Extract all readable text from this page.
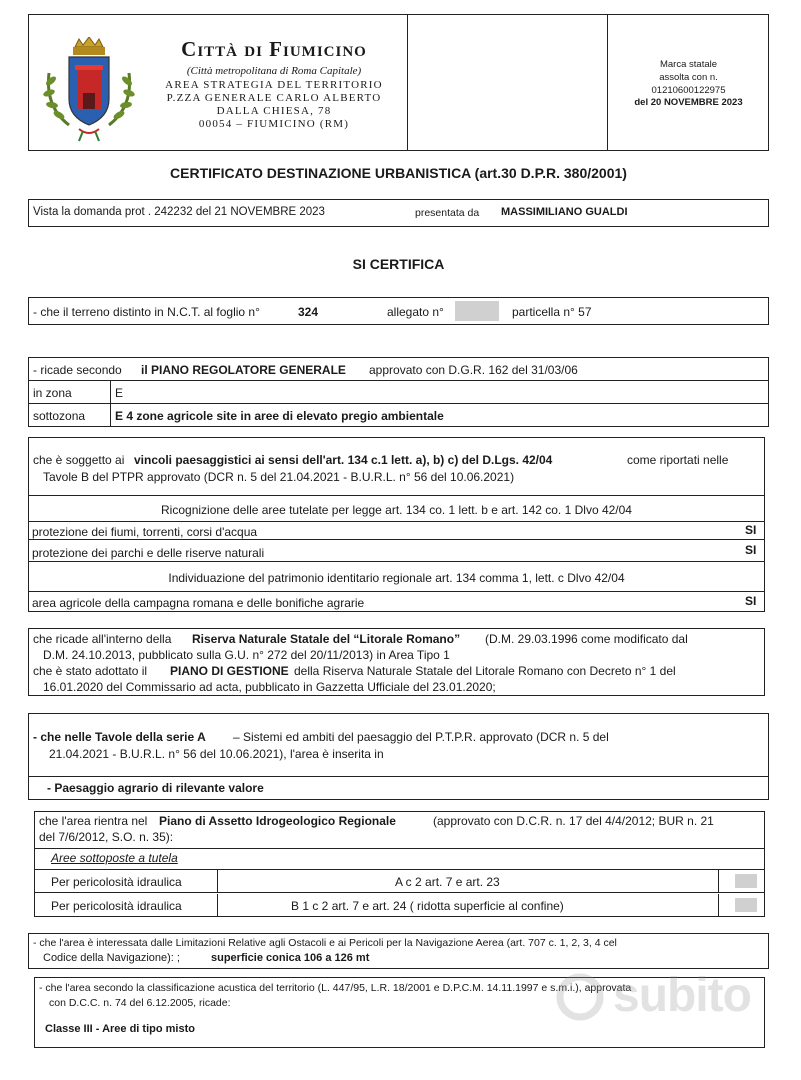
Città di Fiumicino
(Città metropolitana di Roma Capitale)
AREA STRATEGIA DEL TERRITORIO
P.ZZA GENERALE CARLO ALBERTO
DALLA CHIESA, 78
00054 – FIUMICINO (RM)
Marca statale
assolta con n.
01210600122975
del 20 NOVEMBRE 2023
CERTIFICATO DESTINAZIONE URBANISTICA (art.30 D.P.R. 380/2001)
Vista la domanda prot . 242232 del 21 NOVEMBRE 2023	presentata da MASSIMILIANO GUALDI
SI CERTIFICA
- che il terreno distinto in N.C.T. al foglio n°	324	allegato n°	particella n° 57
- ricade secondo il PIANO REGOLATORE GENERALE approvato con D.G.R. 162 del 31/03/06
in zona	E
sottozona E 4 zone agricole site in aree di elevato pregio ambientale
che è soggetto ai vincoli paesaggistici ai sensi dell'art. 134 c.1 lett. a), b) c) del D.Lgs. 42/04	come riportati nelle
Tavole B del PTPR approvato (DCR n. 5 del 21.04.2021 - B.U.R.L. n° 56 del 10.06.2021)
Ricognizione delle aree tutelate per legge art. 134 co. 1 lett. b e art. 142 co. 1 Dlvo 42/04
protezione dei fiumi, torrenti, corsi d'acqua	SI
protezione dei parchi e delle riserve naturali	SI
Individuazione del patrimonio identitario regionale art. 134 comma 1, lett. c Dlvo 42/04
area agricole della campagna romana e delle bonifiche agrarie	SI
che ricade all'interno della Riserva Naturale Statale del “Litorale Romano” (D.M. 29.03.1996 come modificato dal
D.M. 24.10.2013, pubblicato sulla G.U. n° 272 del 20/11/2013) in Area Tipo 1
che è stato adottato il PIANO DI GESTIONE della Riserva Naturale Statale del Litorale Romano con Decreto n° 1 del
16.01.2020 del Commissario ad acta, pubblicato in Gazzetta Ufficiale del 23.01.2020;
- che nelle Tavole della serie A – Sistemi ed ambiti del paesaggio del P.T.P.R. approvato (DCR n. 5 del
21.04.2021 - B.U.R.L. n° 56 del 10.06.2021), l'area è inserita in
- Paesaggio agrario di rilevante valore
che l'area rientra nel Piano di Assetto Idrogeologico Regionale	(approvato con D.C.R. n. 17 del 4/4/2012; BUR n. 21
del 7/6/2012, S.O. n. 35):
Aree sottoposte a tutela
Per pericolosità idraulica	A c 2 art. 7 e art. 23
Per pericolosità idraulica	B 1 c 2 art. 7 e art. 24 ( ridotta superficie al confine)
- che l'area è interessata dalle Limitazioni Relative agli Ostacoli e ai Pericoli per la Navigazione Aerea (art. 707 c. 1, 2, 3, 4 cel
Codice della Navigazione): ;	superficie conica 106 a 126 mt
- che l'area secondo la classificazione acustica del territorio (L. 447/95, L.R. 18/2001 e D.P.C.M. 14.11.1997 e s.m.i.), approvata
con D.C.C. n. 74 del 6.12.2005, ricade:
Classe III - Aree di tipo misto
subito
